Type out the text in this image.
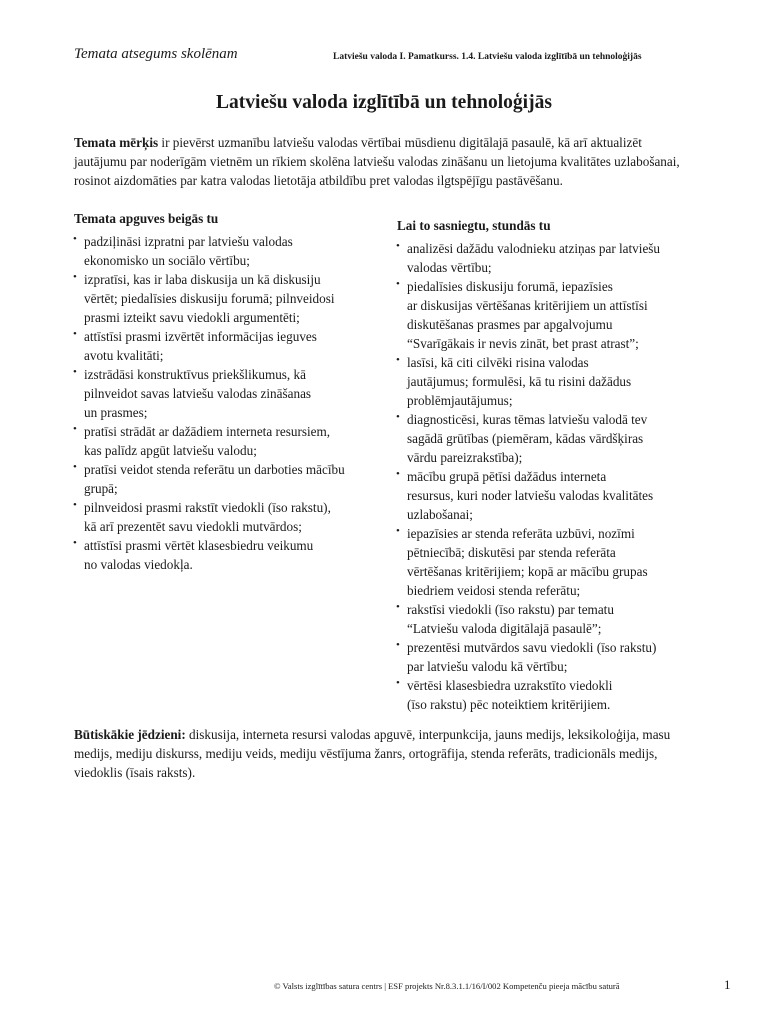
Temata atsegums skolēnam	Latviešu valoda I. Pamatkurss. 1.4. Latviešu valoda izglītībā un tehnoloģijās
Latviešu valoda izglītībā un tehnoloģijās

Temata mērķis ir pievērst uzmanību latviešu valodas vērtībai mūsdienu digitālajā pasaulē, kā arī aktualizēt jautājumu par noderīgām vietnēm un rīkiem skolēna latviešu valodas zināšanu un lietojuma kvalitātes uzlabošanai, rosinot aizdomāties par katra valodas lietotāja atbildību pret valodas ilgtspējīgu pastāvēšanu.

Temata apguves beigās tu
• padziļināsi izpratni par latviešu valodas
ekonomisko un sociālo vērtību;
• izpratīsi, kas ir laba diskusija un kā diskusiju
vērtēt; piedalīsies diskusiju forumā; pilnveidosi
prasmi izteikt savu viedokli argumentēti;
• attīstīsi prasmi izvērtēt informācijas ieguves
avotu kvalitāti;
• izstrādāsi konstruktīvus priekšlikumus, kā
pilnveidot savas latviešu valodas zināšanas
un prasmes;
• pratīsi strādāt ar dažādiem interneta resursiem,
kas palīdz apgūt latviešu valodu;
• pratīsi veidot stenda referātu un darboties mācību
grupā;
• pilnveidosi prasmi rakstīt viedokli (īso rakstu),
kā arī prezentēt savu viedokli mutvārdos;
• attīstīsi prasmi vērtēt klasesbiedru veikumu
no valodas viedokļa.
Lai to sasniegtu, stundās tu
• analizēsi dažādu valodnieku atziņas par latviešu
valodas vērtību;
• piedalīsies diskusiju forumā, iepazīsies
ar diskusijas vērtēšanas kritērijiem un attīstīsi
diskutēšanas prasmes par apgalvojumu
“Svarīgākais ir nevis zināt, bet prast atrast”;
• lasīsi, kā citi cilvēki risina valodas
jautājumus; formulēsi, kā tu risini dažādus
problēmjautājumus;
• diagnosticēsi, kuras tēmas latviešu valodā tev
sagādā grūtības (piemēram, kādas vārdšķiras
vārdu pareizrakstība);
• mācību grupā pētīsi dažādus interneta
resursus, kuri noder latviešu valodas kvalitātes
uzlabošanai;
• iepazīsies ar stenda referāta uzbūvi, nozīmi
pētniecībā; diskutēsi par stenda referāta
vērtēšanas kritērijiem; kopā ar mācību grupas
biedriem veidosi stenda referātu;
• rakstīsi viedokli (īso rakstu) par tematu
“Latviešu valoda digitālajā pasaulē”;
• prezentēsi mutvārdos savu viedokli (īso rakstu)
par latviešu valodu kā vērtību;
• vērtēsi klasesbiedra uzrakstīto viedokli
(īso rakstu) pēc noteiktiem kritērijiem.

Būtiskākie jēdzieni: diskusija, interneta resursi valodas apguvē, interpunkcija, jauns medijs, leksikoloģija, masu medijs, mediju diskurss, mediju veids, mediju vēstījuma žanrs, ortogrāfija, stenda referāts, tradicionāls medijs, viedoklis (īsais raksts).

© Valsts izglītības satura centrs | ESF projekts Nr.8.3.1.1/16/I/002 Kompetenču pieeja mācību saturā	1
